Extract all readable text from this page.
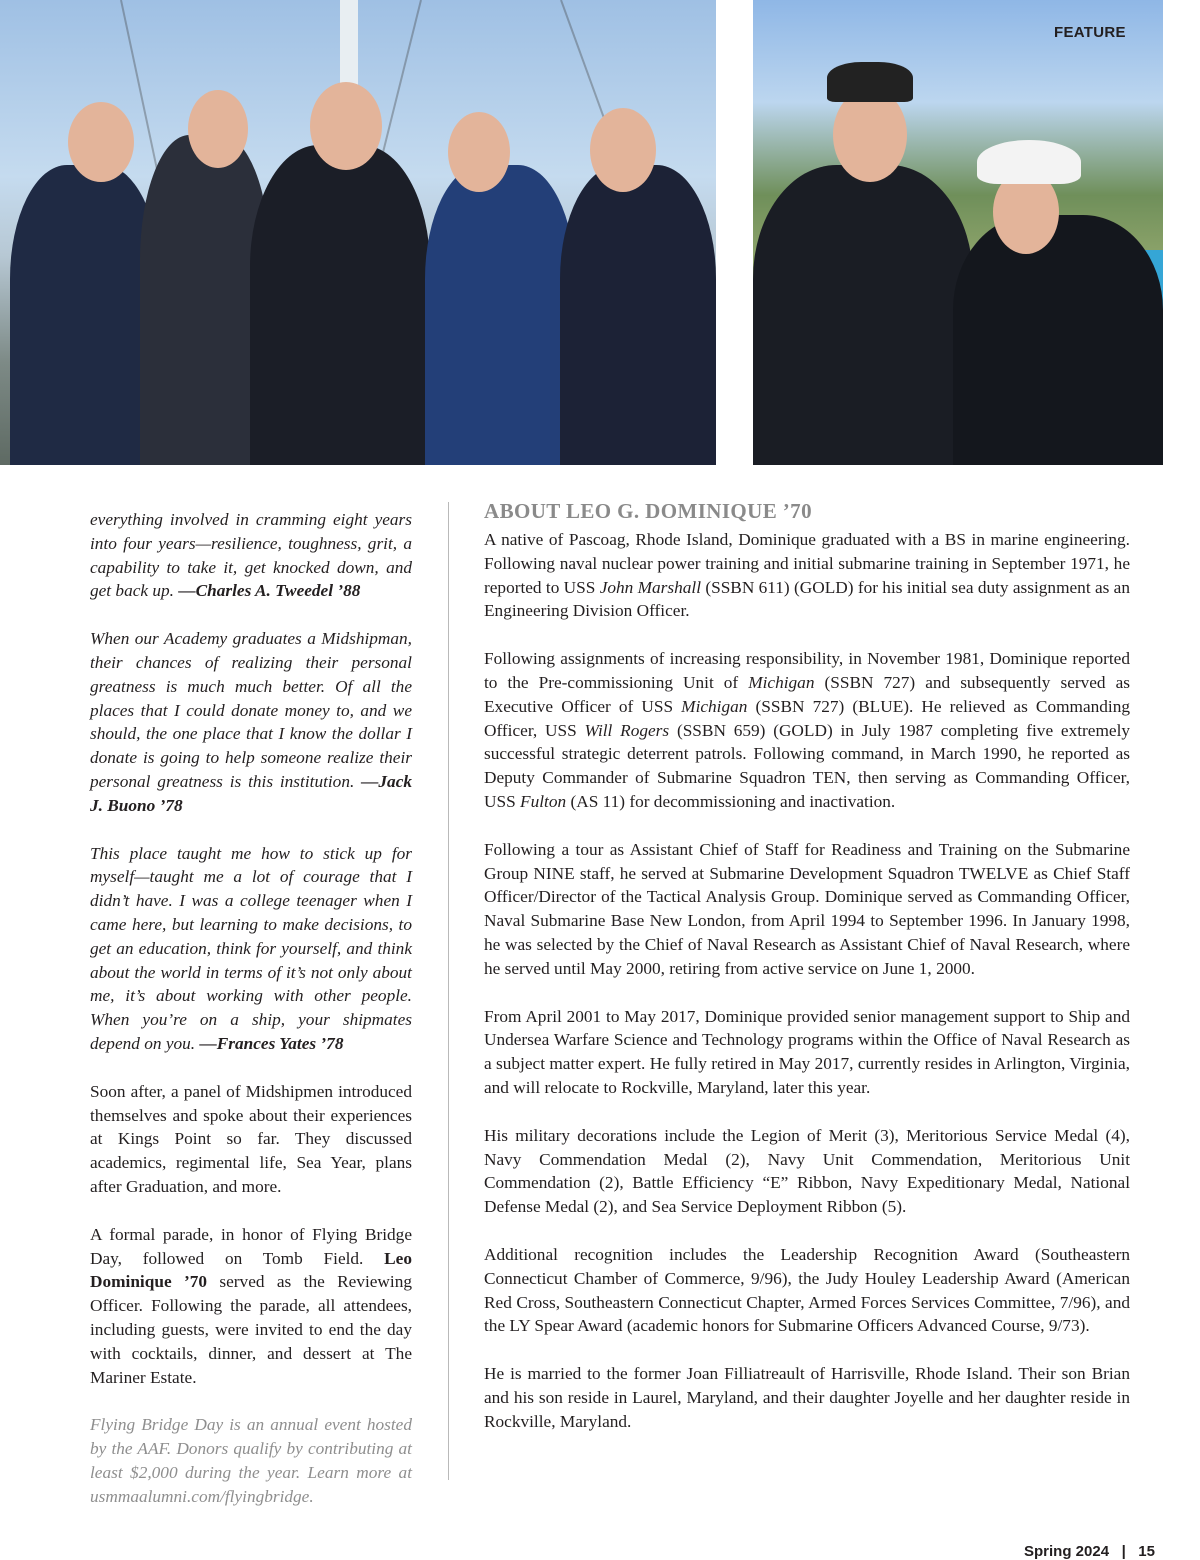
FEATURE

everything involved in cramming eight years into four years—resilience, toughness, grit, a capability to take it, get knocked down, and get back up. —Charles A. Tweedel ’88

When our Academy graduates a Midshipman, their chances of realizing their personal greatness is much much better. Of all the places that I could donate money to, and we should, the one place that I know the dollar I donate is going to help someone realize their personal greatness is this institution. —Jack J. Buono ’78

This place taught me how to stick up for myself—taught me a lot of courage that I didn’t have. I was a college teenager when I came here, but learning to make decisions, to get an education, think for yourself, and think about the world in terms of it’s not only about me, it’s about working with other people. When you’re on a ship, your shipmates depend on you. —Frances Yates ’78

Soon after, a panel of Midshipmen introduced themselves and spoke about their experiences at Kings Point so far. They discussed academics, regimental life, Sea Year, plans after Graduation, and more.

A formal parade, in honor of Flying Bridge Day, followed on Tomb Field. Leo Dominique ’70 served as the Reviewing Officer. Following the parade, all attendees, including guests, were invited to end the day with cocktails, dinner, and dessert at The Mariner Estate.

Flying Bridge Day is an annual event hosted by the AAF. Donors qualify by contributing at least $2,000 during the year. Learn more at usmmaalumni.com/flyingbridge.

ABOUT LEO G. DOMINIQUE ’70

A native of Pascoag, Rhode Island, Dominique graduated with a BS in marine engineering. Following naval nuclear power training and initial submarine training in September 1971, he reported to USS John Marshall (SSBN 611) (GOLD) for his initial sea duty assignment as an Engineering Division Officer.

Following assignments of increasing responsibility, in November 1981, Dominique reported to the Pre-commissioning Unit of Michigan (SSBN 727) and subsequently served as Executive Officer of USS Michigan (SSBN 727) (BLUE). He relieved as Commanding Officer, USS Will Rogers (SSBN 659) (GOLD) in July 1987 completing five extremely successful strategic deterrent patrols. Following command, in March 1990, he reported as Deputy Commander of Submarine Squadron TEN, then serving as Commanding Officer, USS Fulton (AS 11) for decommissioning and inactivation.

Following a tour as Assistant Chief of Staff for Readiness and Training on the Submarine Group NINE staff, he served at Submarine Development Squadron TWELVE as Chief Staff Officer/Director of the Tactical Analysis Group. Dominique served as Commanding Officer, Naval Submarine Base New London, from April 1994 to September 1996. In January 1998, he was selected by the Chief of Naval Research as Assistant Chief of Naval Research, where he served until May 2000, retiring from active service on June 1, 2000.

From April 2001 to May 2017, Dominique provided senior management support to Ship and Undersea Warfare Science and Technology programs within the Office of Naval Research as a subject matter expert. He fully retired in May 2017, currently resides in Arlington, Virginia, and will relocate to Rockville, Maryland, later this year.

His military decorations include the Legion of Merit (3), Meritorious Service Medal (4), Navy Commendation Medal (2), Navy Unit Commendation, Meritorious Unit Commendation (2), Battle Efficiency “E” Ribbon, Navy Expeditionary Medal, National Defense Medal (2), and Sea Service Deployment Ribbon (5).

Additional recognition includes the Leadership Recognition Award (Southeastern Connecticut Chamber of Commerce, 9/96), the Judy Houley Leadership Award (American Red Cross, Southeastern Connecticut Chapter, Armed Forces Services Committee, 7/96), and the LY Spear Award (academic honors for Submarine Officers Advanced Course, 9/73).

He is married to the former Joan Filliatreault of Harrisville, Rhode Island. Their son Brian and his son reside in Laurel, Maryland, and their daughter Joyelle and her daughter reside in Rockville, Maryland.

Spring 2024 | 15
